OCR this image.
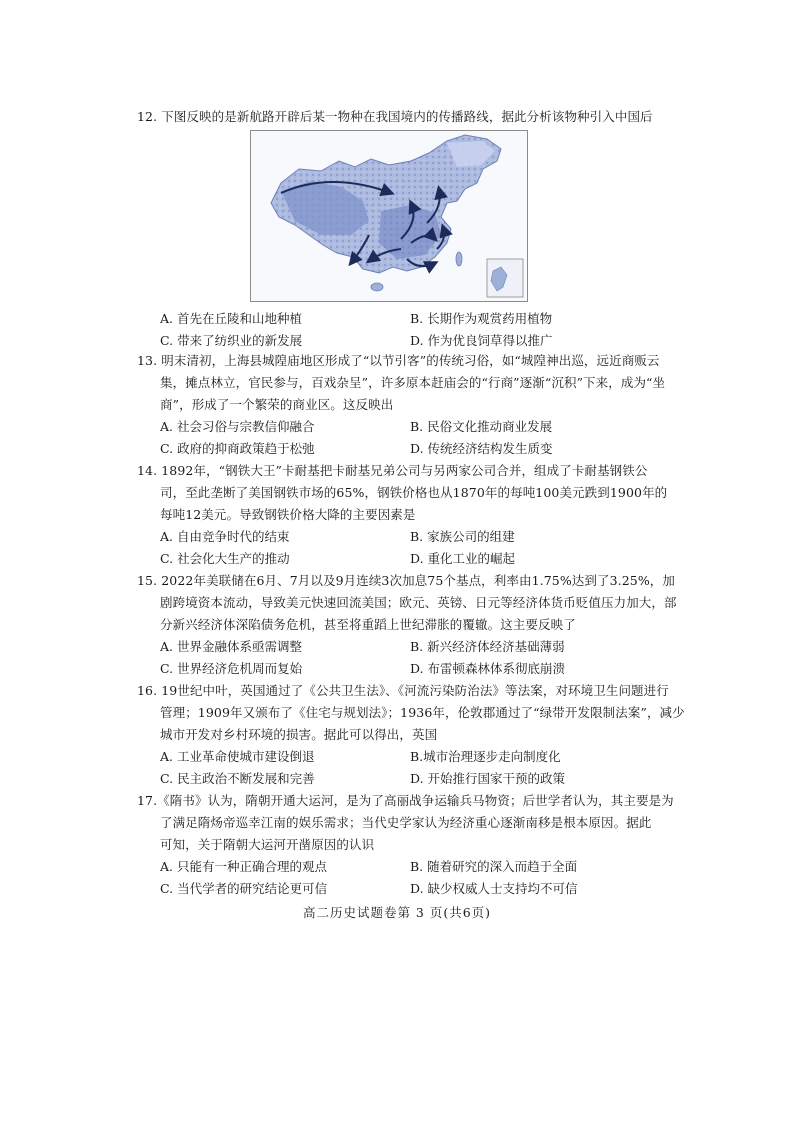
12. 下图反映的是新航路开辟后某一物种在我国境内的传播路线，据此分析该物种引入中国后
A. 首先在丘陵和山地种植	B. 长期作为观赏药用植物
C. 带来了纺织业的新发展	D. 作为优良饲草得以推广
13. 明末清初，上海县城隍庙地区形成了“以节引客”的传统习俗，如“城隍神出巡，远近商贩云
集，摊点林立，官民参与，百戏杂呈”，许多原本赶庙会的“行商”逐渐“沉积”下来，成为“坐
商”，形成了一个繁荣的商业区。这反映出
A. 社会习俗与宗教信仰融合	B. 民俗文化推动商业发展
C. 政府的抑商政策趋于松弛	D. 传统经济结构发生质变
14. 1892年，“钢铁大王”卡耐基把卡耐基兄弟公司与另两家公司合并，组成了卡耐基钢铁公
司，至此垄断了美国钢铁市场的65%，钢铁价格也从1870年的每吨100美元跌到1900年的
每吨12美元。导致钢铁价格大降的主要因素是
A. 自由竞争时代的结束	B. 家族公司的组建
C. 社会化大生产的推动	D. 重化工业的崛起
15. 2022年美联储在6月、7月以及9月连续3次加息75个基点，利率由1.75%达到了3.25%，加
剧跨境资本流动，导致美元快速回流美国；欧元、英镑、日元等经济体货币贬值压力加大，部
分新兴经济体深陷债务危机，甚至将重蹈上世纪滞胀的覆辙。这主要反映了
A. 世界金融体系亟需调整	B. 新兴经济体经济基础薄弱
C. 世界经济危机周而复始	D. 布雷顿森林体系彻底崩溃
16. 19世纪中叶，英国通过了《公共卫生法》、《河流污染防治法》等法案，对环境卫生问题进行
管理；1909年又颁布了《住宅与规划法》；1936年，伦敦郡通过了“绿带开发限制法案”，减少
城市开发对乡村环境的损害。据此可以得出，英国
A. 工业革命使城市建设倒退	B.城市治理逐步走向制度化
C. 民主政治不断发展和完善	D. 开始推行国家干预的政策
17.《隋书》认为，隋朝开通大运河，是为了高丽战争运输兵马物资；后世学者认为，其主要是为
了满足隋炀帝巡幸江南的娱乐需求；当代史学家认为经济重心逐渐南移是根本原因。据此
可知，关于隋朝大运河开凿原因的认识
A. 只能有一种正确合理的观点	B. 随着研究的深入而趋于全面
C. 当代学者的研究结论更可信	D. 缺少权威人士支持均不可信
高二历史试题卷第 3 页(共6页)
